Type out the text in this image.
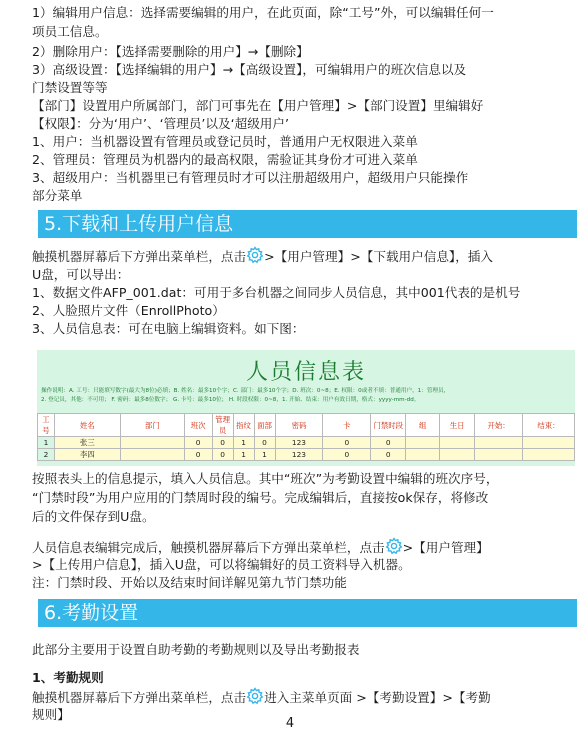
1）编辑用户信息：选择需要编辑的用户，在此页面，除“工号”外，可以编辑任何一
项员工信息。
2）删除用户：【选择需要删除的用户】→【删除】
3）高级设置：【选择编辑的用户】→【高级设置】，可编辑用户的班次信息以及
门禁设置等等
【部门】设置用户所属部门，部门可事先在【用户管理】>【部门设置】里编辑好
【权限】：分为‘用户’、‘管理员’以及‘超级用户’
1、用户：当机器设置有管理员或登记员时，普通用户无权限进入菜单
2、管理员：管理员为机器内的最高权限，需验证其身份才可进入菜单
3、超级用户：当机器里已有管理员时才可以注册超级用户，超级用户只能操作
部分菜单
5.下载和上传用户信息
触摸机器屏幕后下方弹出菜单栏，点击 >【用户管理】>【下载用户信息】，插入
U盘，可以导出：
1、数据文件AFP_001.dat：可用于多台机器之间同步人员信息，其中001代表的是机号
2、人脸照片文件（EnrollPhoto）
3、人员信息表：可在电脑上编辑资料。如下图：
人员信息表
操作说明：A. 工号：只能填写数字(最大为8位)必填；B. 姓名：最多10个字；C. 部门：最多10个字；D. 班次：0~8；E. 权限：0或者不填：普通用户，1：管理员，
2. 登记员，其他：不可用； F. 密码：最多8位数字； G. 卡号：最多10位； H. 时段权限：0~8，1. 开始、结束：用户有效日期，格式：yyyy-mm-dd。
工号	姓名	部门	班次	管理员	指纹	面部	密码	卡	门禁时段	组	生日	开始：	结束：
1	张三		0	0	1	0	123	0	0				
2	李四		0	0	1	1	123	0	0				
按照表头上的信息提示，填入人员信息。其中“班次”为考勤设置中编辑的班次序号，
“门禁时段”为用户应用的门禁周时段的编号。完成编辑后，直接按ok保存，将修改
后的文件保存到U盘。
人员信息表编辑完成后，触摸机器屏幕后下方弹出菜单栏，点击 >【用户管理】
>【上传用户信息】，插入U盘，可以将编辑好的员工资料导入机器。
注：门禁时段、开始以及结束时间详解见第九节门禁功能
6.考勤设置
此部分主要用于设置自助考勤的考勤规则以及导出考勤报表
1、考勤规则
触摸机器屏幕后下方弹出菜单栏，点击 进入主菜单页面 >【考勤设置】>【考勤
规则】
4
